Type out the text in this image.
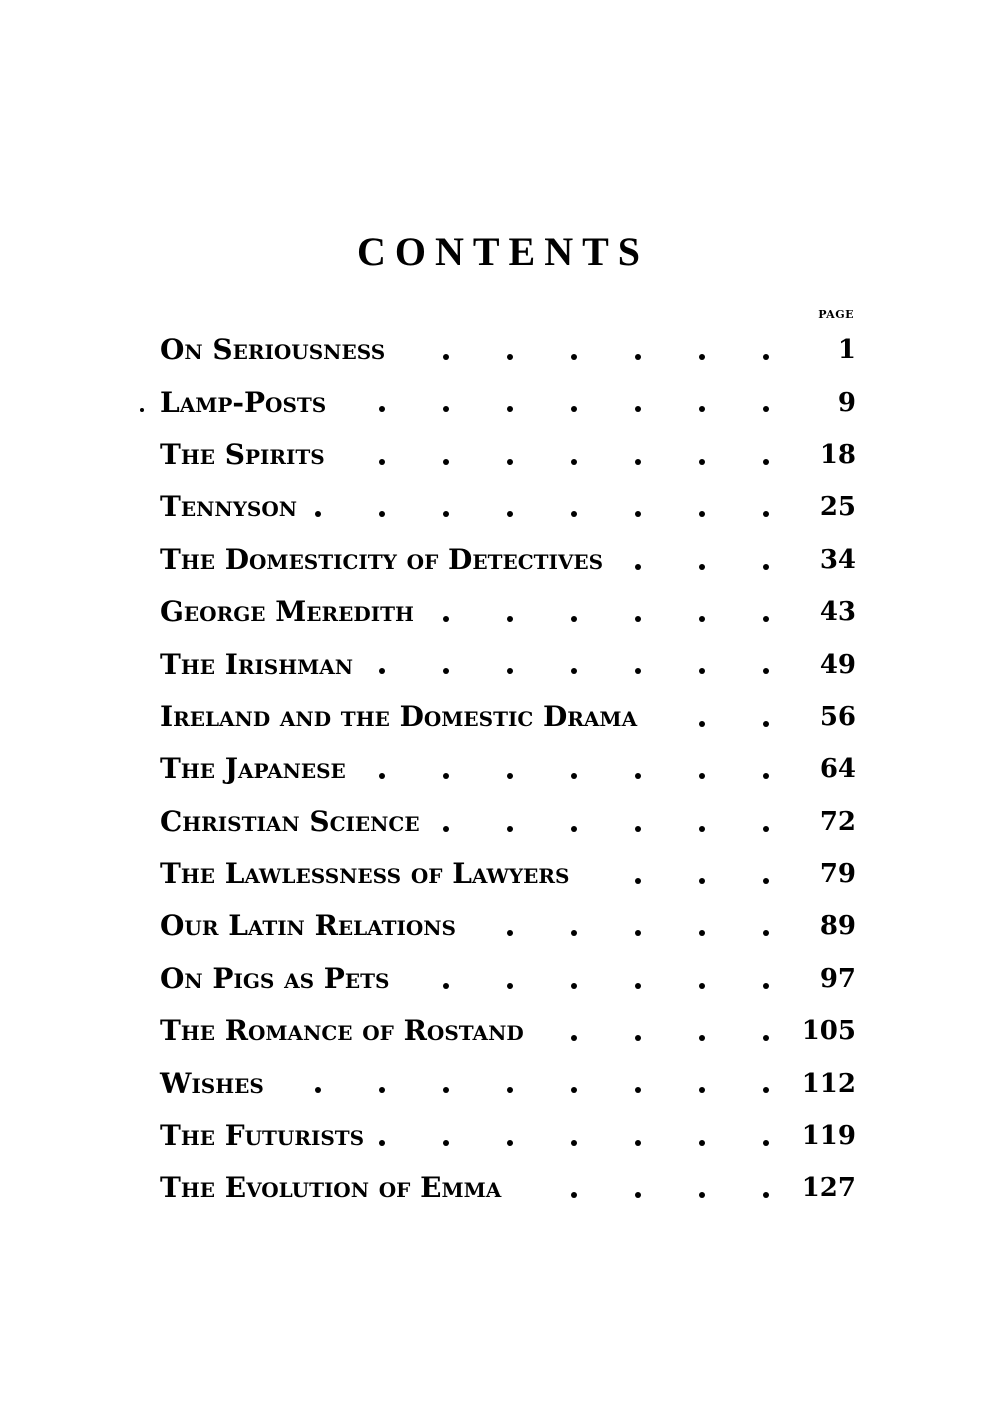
CONTENTS
PAGE
On Seriousness	1
Lamp-Posts	9
The Spirits	18
Tennyson	25
The Domesticity of Detectives	34
George Meredith	43
The Irishman	49
Ireland and the Domestic Drama	56
The Japanese	64
Christian Science	72
The Lawlessness of Lawyers	79
Our Latin Relations	89
On Pigs as Pets	97
The Romance of Rostand	105
Wishes	112
The Futurists	119
The Evolution of Emma	127
